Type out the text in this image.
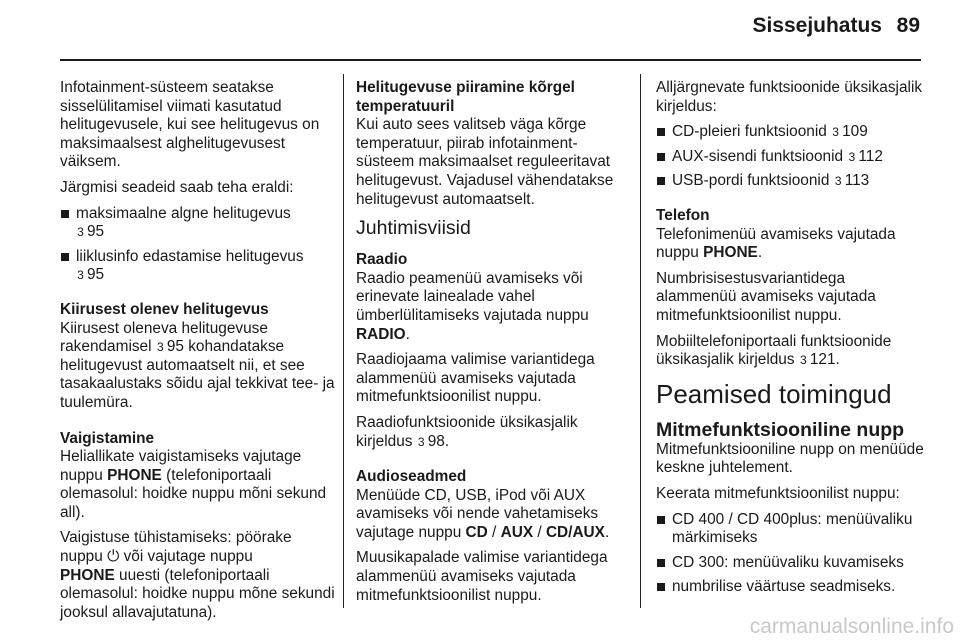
Sissejuhatus 89
Infotainment-süsteem seatakse sisselülitamisel viimati kasutatud helitugevusele, kui see helitugevus on maksimaalsest alghelitugevusest väiksem.
Järgmisi seadeid saab teha eraldi:
maksimaalne algne helitugevus
3 95
liiklusinfo edastamise helitugevus
3 95
Kiirusest olenev helitugevus
Kiirusest oleneva helitugevuse rakendamisel 3 95 kohandatakse helitugevust automaatselt nii, et see tasakaalustaks sõidu ajal tekkivat tee- ja tuulemüra.
Vaigistamine
Heliallikate vaigistamiseks vajutage nuppu PHONE (telefoniportaali olemasolul: hoidke nuppu mõni sekund all).
Vaigistuse tühistamiseks: pöörake nuppu ⏻ või vajutage nuppu
PHONE uuesti (telefoniportaali olemasolul: hoidke nuppu mõne sekundi jooksul allavajutatuna).
Helitugevuse piiramine kõrgel temperatuuril
Kui auto sees valitseb väga kõrge temperatuur, piirab infotainment-süsteem maksimaalset reguleeritavat helitugevust. Vajadusel vähendatakse helitugevust automaatselt.
Juhtimisviisid
Raadio
Raadio peamenüü avamiseks või erinevate lainealade vahel ümberlülitamiseks vajutada nuppu RADIO.
Raadiojaama valimise variantidega alammenüü avamiseks vajutada mitmefunktsioonilist nuppu.
Raadiofunktsioonide üksikasjalik kirjeldus 3 98.
Audioseadmed
Menüüde CD, USB, iPod või AUX avamiseks või nende vahetamiseks vajutage nuppu CD / AUX / CD/AUX.
Muusikapalade valimise variantidega alammenüü avamiseks vajutada mitmefunktsioonilist nuppu.
Alljärgnevate funktsioonide üksikasjalik kirjeldus:
CD-pleieri funktsioonid 3 109
AUX-sisendi funktsioonid 3 112
USB-pordi funktsioonid 3 113
Telefon
Telefonimenüü avamiseks vajutada nuppu PHONE.
Numbrisisestusvariantidega alammenüü avamiseks vajutada mitmefunktsioonilist nuppu.
Mobiiltelefoniportaali funktsioonide üksikasjalik kirjeldus 3 121.
Peamised toimingud
Mitmefunktsiooniline nupp
Mitmefunktsiooniline nupp on menüüde keskne juhtelement.
Keerata mitmefunktsioonilist nuppu:
CD 400 / CD 400plus: menüüvaliku märkimiseks
CD 300: menüüvaliku kuvamiseks
numbrilise väärtuse seadmiseks.
carmanualsonline.info
